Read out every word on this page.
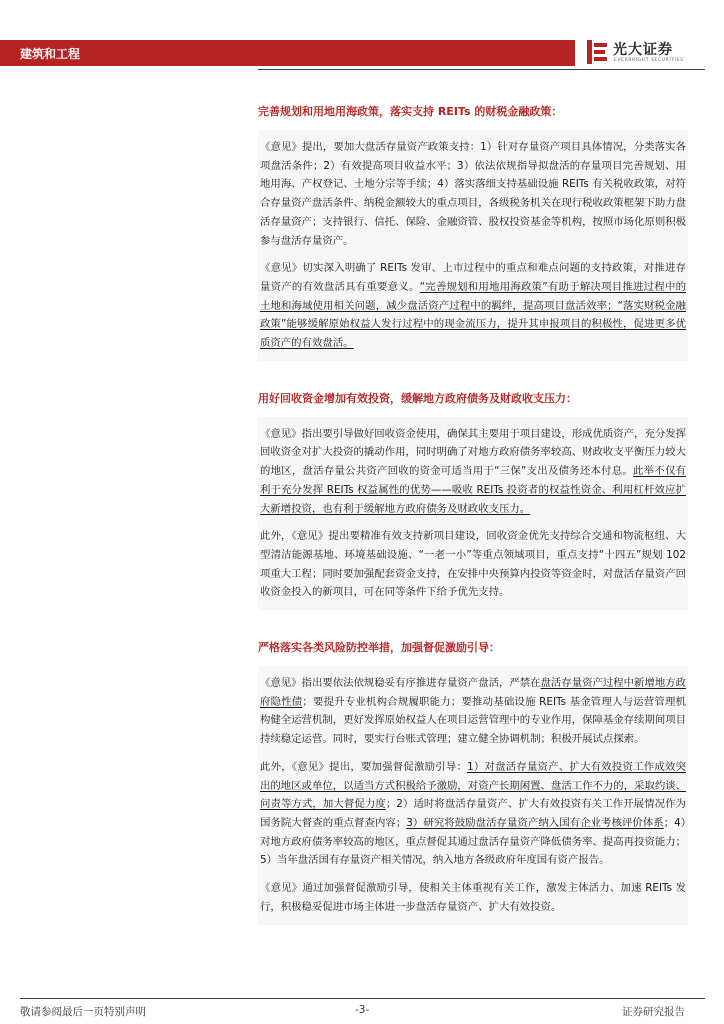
建筑和工程	光大证券
EVERBRIGHT SECURITIES
完善规划和用地用海政策，落实支持 REITs 的财税金融政策：

《意见》提出，要加大盘活存量资产政策支持：1）针对存量资产项目具体情况，分类落实各项盘活条件；2）有效提高项目收益水平；3）依法依规指导拟盘活的存量项目完善规划、用地用海、产权登记、土地分宗等手续；4）落实落细支持基础设施 REITs 有关税收政策，对符合存量资产盘活条件、纳税金额较大的重点项目，各级税务机关在现行税收政策框架下助力盘活存量资产；支持银行、信托、保险、金融资管、股权投资基金等机构，按照市场化原则积极参与盘活存量资产。

《意见》切实深入明确了 REITs 发审、上市过程中的重点和难点问题的支持政策，对推进存量资产的有效盘活具有重要意义。“完善规划和用地用海政策”有助于解决项目推进过程中的土地和海域使用相关问题，减少盘活资产过程中的羁绊，提高项目盘活效率；“落实财税金融政策”能够缓解原始权益人发行过程中的现金流压力，提升其申报项目的积极性，促进更多优质资产的有效盘活。

用好回收资金增加有效投资，缓解地方政府债务及财政收支压力：

《意见》指出要引导做好回收资金使用，确保其主要用于项目建设，形成优质资产，充分发挥回收资金对扩大投资的撬动作用，同时明确了对地方政府债务率较高、财政收支平衡压力较大的地区，盘活存量公共资产回收的资金可适当用于“三保”支出及债务还本付息。此举不仅有利于充分发挥 REITs 权益属性的优势——吸收 REITs 投资者的权益性资金、利用杠杆效应扩大新增投资，也有利于缓解地方政府债务及财政收支压力。

此外，《意见》提出要精准有效支持新项目建设，回收资金优先支持综合交通和物流枢纽、大型清洁能源基地、环境基础设施、“一老一小”等重点领域项目，重点支持“十四五”规划 102 项重大工程；同时要加强配套资金支持，在安排中央预算内投资等资金时，对盘活存量资产回收资金投入的新项目，可在同等条件下给予优先支持。

严格落实各类风险防控举措，加强督促激励引导：

《意见》指出要依法依规稳妥有序推进存量资产盘活，严禁在盘活存量资产过程中新增地方政府隐性债；要提升专业机构合规履职能力；要推动基础设施 REITs 基金管理人与运营管理机构健全运营机制，更好发挥原始权益人在项目运营管理中的专业作用，保障基金存续期间项目持续稳定运营。同时，要实行台账式管理；建立健全协调机制；积极开展试点探索。

此外，《意见》提出，要加强督促激励引导：1）对盘活存量资产、扩大有效投资工作成效突出的地区或单位，以适当方式积极给予激励，对资产长期闲置、盘活工作不力的，采取约谈、问责等方式，加大督促力度；2）适时将盘活存量资产、扩大有效投资有关工作开展情况作为国务院大督查的重点督查内容；3）研究将鼓励盘活存量资产纳入国有企业考核评价体系；4）对地方政府债务率较高的地区，重点督促其通过盘活存量资产降低债务率、提高再投资能力；5）当年盘活国有存量资产相关情况，纳入地方各级政府年度国有资产报告。

《意见》通过加强督促激励引导，使相关主体重视有关工作，激发主体活力、加速 REITs 发行，积极稳妥促进市场主体进一步盘活存量资产、扩大有效投资。

敬请参阅最后一页特别声明	-3-	证券研究报告
